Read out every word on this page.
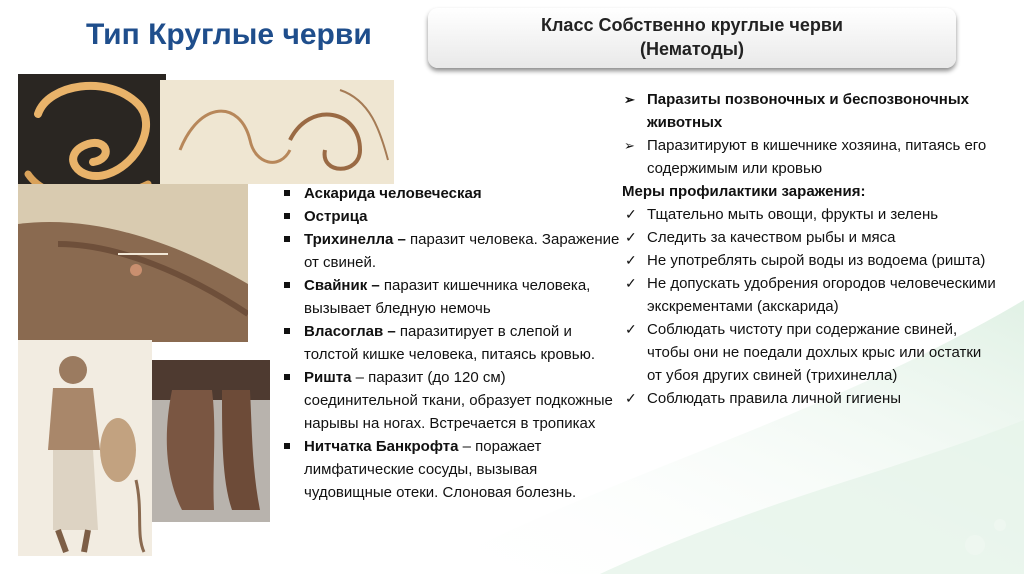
Тип Круглые черви	Класс Собственно круглые черви
(Нематоды)
Аскарида человеческая
Острица
Трихинелла – паразит человека. Заражение от свиней.
Свайник – паразит кишечника человека, вызывает бледную немочь
Власоглав – паразитирует в слепой и толстой кишке человека, питаясь кровью.
Ришта – паразит (до 120 см) соединительной ткани, образует подкожные нарывы на ногах. Встречается в тропиках
Нитчатка Банкрофта – поражает лимфатические сосуды, вызывая чудовищные отеки. Слоновая болезнь.
➢ Паразиты позвоночных и беспозвоночных животных
➢ Паразитируют в кишечнике хозяина, питаясь его содержимым или кровью
Меры профилактики заражения:
✓ Тщательно мыть овощи, фрукты и зелень
✓ Следить за качеством рыбы и мяса
✓ Не употреблять сырой воды из водоема (ришта)
✓ Не допускать удобрения огородов человеческими экскрементами (акскарида)
✓ Соблюдать чистоту при содержание свиней, чтобы они не поедали дохлых крыс или остатки от убоя других свиней (трихинелла)
✓ Соблюдать правила личной гигиены
